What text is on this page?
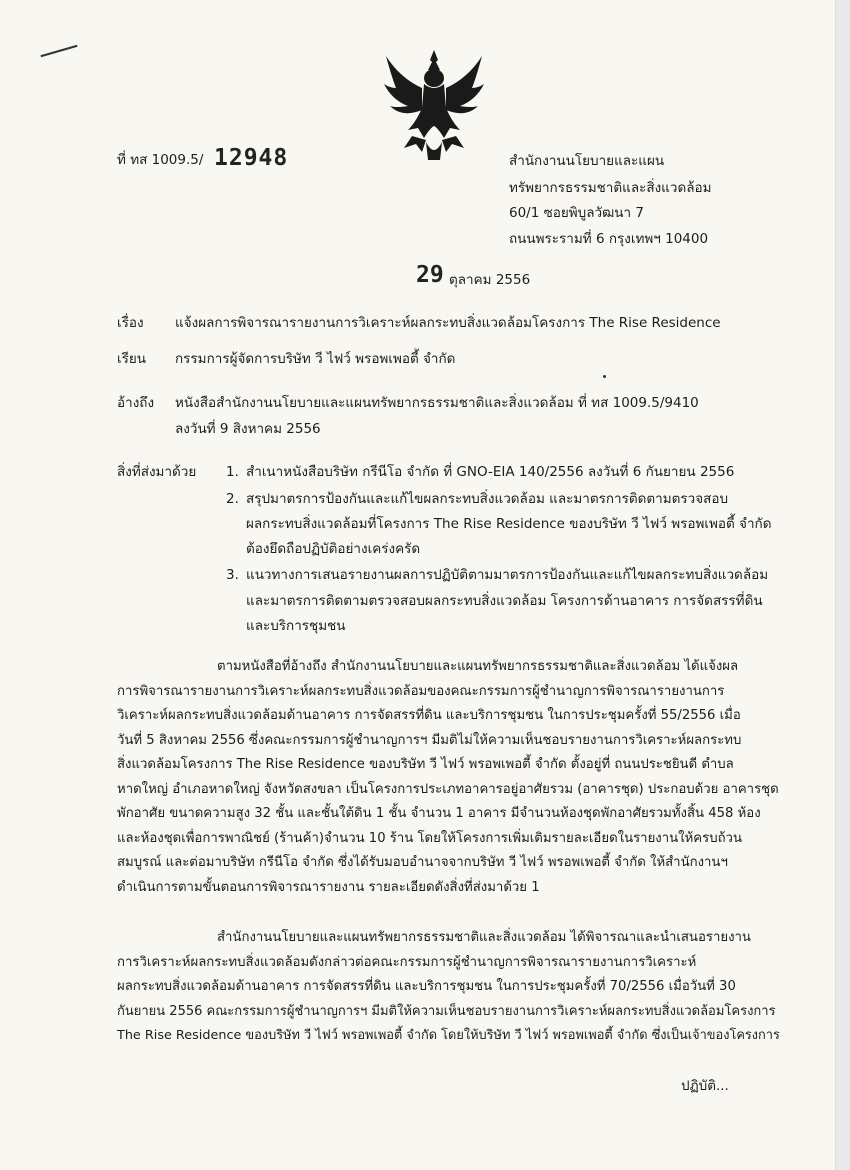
ที่ ทส 1009.5/ 12948	สำนักงานนโยบายและแผน
ทรัพยากรธรรมชาติและสิ่งแวดล้อม
60/1 ซอยพิบูลวัฒนา 7
ถนนพระรามที่ 6 กรุงเทพฯ 10400
29 ตุลาคม 2556
เรื่อง แจ้งผลการพิจารณารายงานการวิเคราะห์ผลกระทบสิ่งแวดล้อมโครงการ The Rise Residence
เรียน กรรมการผู้จัดการบริษัท วี ไฟว์ พรอพเพอตี้ จำกัด
อ้างถึง หนังสือสำนักงานนโยบายและแผนทรัพยากรธรรมชาติและสิ่งแวดล้อม ที่ ทส 1009.5/9410
ลงวันที่ 9 สิงหาคม 2556
สิ่งที่ส่งมาด้วย 1. สำเนาหนังสือบริษัท กรีนีโอ จำกัด ที่ GNO-EIA 140/2556 ลงวันที่ 6 กันยายน 2556
2. สรุปมาตรการป้องกันและแก้ไขผลกระทบสิ่งแวดล้อม และมาตรการติดตามตรวจสอบ
ผลกระทบสิ่งแวดล้อมที่โครงการ The Rise Residence ของบริษัท วี ไฟว์ พรอพเพอตี้ จำกัด
ต้องยึดถือปฏิบัติอย่างเคร่งครัด
3. แนวทางการเสนอรายงานผลการปฏิบัติตามมาตรการป้องกันและแก้ไขผลกระทบสิ่งแวดล้อม
และมาตรการติดตามตรวจสอบผลกระทบสิ่งแวดล้อม โครงการด้านอาคาร การจัดสรรที่ดิน
และบริการชุมชน
ตามหนังสือที่อ้างถึง สำนักงานนโยบายและแผนทรัพยากรธรรมชาติและสิ่งแวดล้อม ได้แจ้งผล
การพิจารณารายงานการวิเคราะห์ผลกระทบสิ่งแวดล้อมของคณะกรรมการผู้ชำนาญการพิจารณารายงานการ
วิเคราะห์ผลกระทบสิ่งแวดล้อมด้านอาคาร การจัดสรรที่ดิน และบริการชุมชน ในการประชุมครั้งที่ 55/2556 เมื่อ
วันที่ 5 สิงหาคม 2556 ซึ่งคณะกรรมการผู้ชำนาญการฯ มีมติไม่ให้ความเห็นชอบรายงานการวิเคราะห์ผลกระทบ
สิ่งแวดล้อมโครงการ The Rise Residence ของบริษัท วี ไฟว์ พรอพเพอตี้ จำกัด ตั้งอยู่ที่ ถนนประชยินดี ตำบล
หาดใหญ่ อำเภอหาดใหญ่ จังหวัดสงขลา เป็นโครงการประเภทอาคารอยู่อาศัยรวม (อาคารชุด) ประกอบด้วย อาคารชุด
พักอาศัย ขนาดความสูง 32 ชั้น และชั้นใต้ดิน 1 ชั้น จำนวน 1 อาคาร มีจำนวนห้องชุดพักอาศัยรวมทั้งสิ้น 458 ห้อง
และห้องชุดเพื่อการพาณิชย์ (ร้านค้า)จำนวน 10 ร้าน โดยให้โครงการเพิ่มเติมรายละเอียดในรายงานให้ครบถ้วน
สมบูรณ์ และต่อมาบริษัท กรีนีโอ จำกัด ซึ่งได้รับมอบอำนาจจากบริษัท วี ไฟว์ พรอพเพอตี้ จำกัด ให้สำนักงานฯ
ดำเนินการตามขั้นตอนการพิจารณารายงาน รายละเอียดดังสิ่งที่ส่งมาด้วย 1
สำนักงานนโยบายและแผนทรัพยากรธรรมชาติและสิ่งแวดล้อม ได้พิจารณาและนำเสนอรายงาน
การวิเคราะห์ผลกระทบสิ่งแวดล้อมดังกล่าวต่อคณะกรรมการผู้ชำนาญการพิจารณารายงานการวิเคราะห์
ผลกระทบสิ่งแวดล้อมด้านอาคาร การจัดสรรที่ดิน และบริการชุมชน ในการประชุมครั้งที่ 70/2556 เมื่อวันที่ 30
กันยายน 2556 คณะกรรมการผู้ชำนาญการฯ มีมติให้ความเห็นชอบรายงานการวิเคราะห์ผลกระทบสิ่งแวดล้อมโครงการ
The Rise Residence ของบริษัท วี ไฟว์ พรอพเพอตี้ จำกัด โดยให้บริษัท วี ไฟว์ พรอพเพอตี้ จำกัด ซึ่งเป็นเจ้าของโครงการ
ปฏิบัติ...
